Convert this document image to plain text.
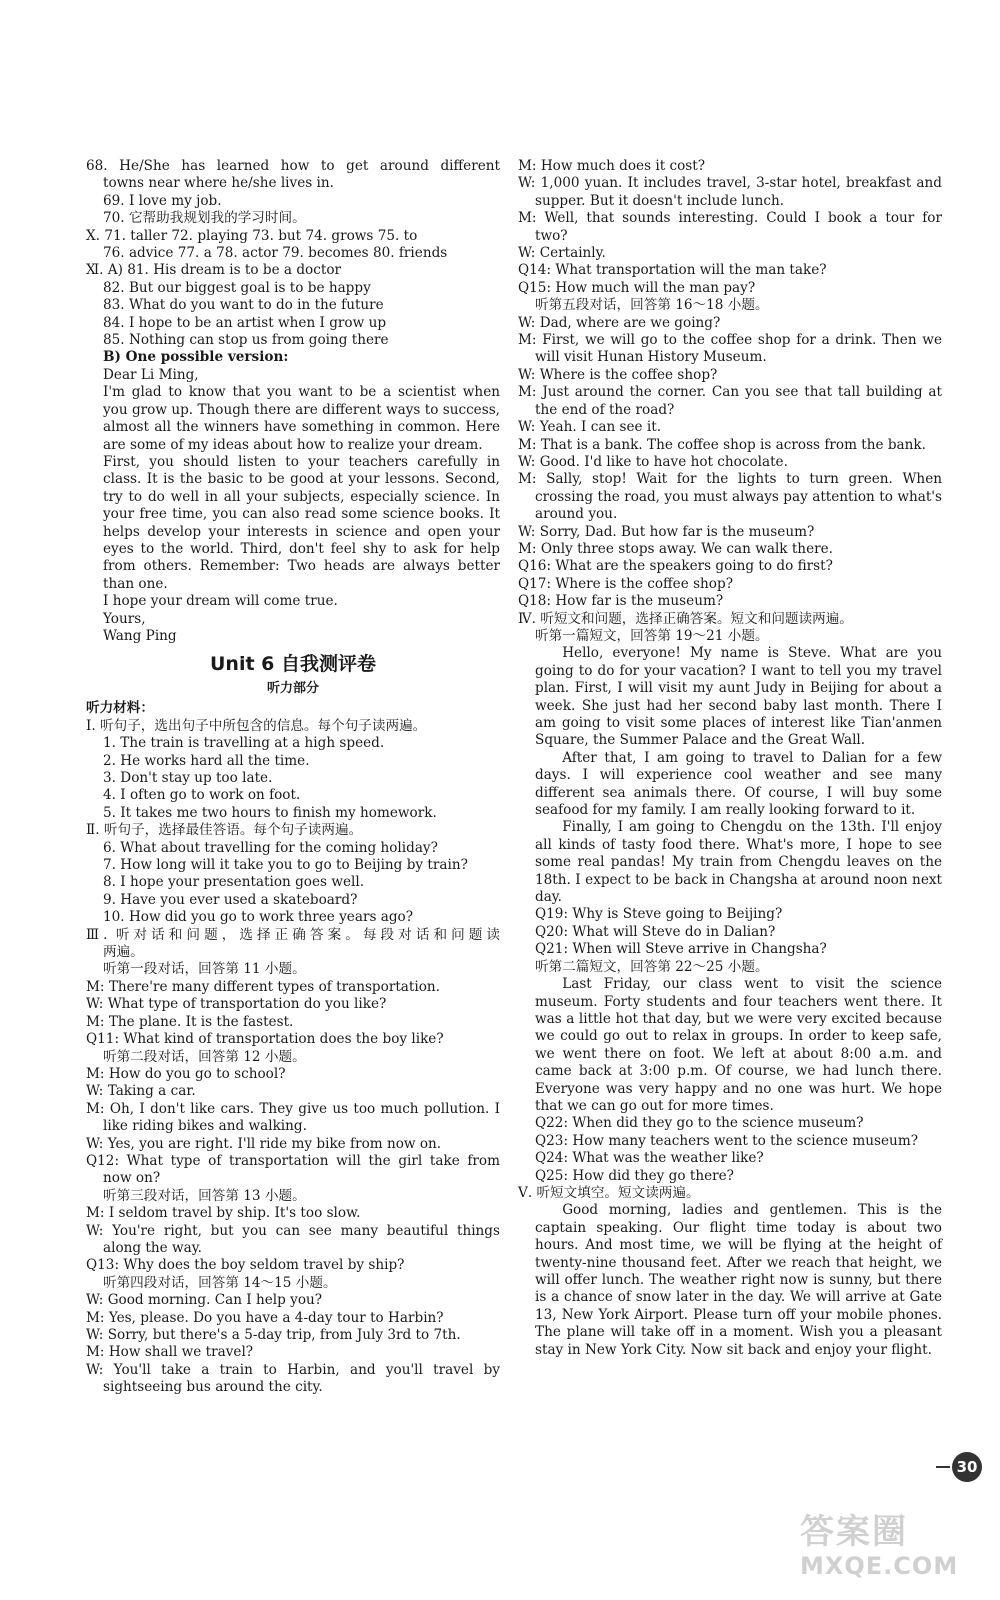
68. He/She has learned how to get around different
towns near where he/she lives in.
69. I love my job.
70. 它帮助我规划我的学习时间。
Ⅹ. 71. taller 72. playing 73. but 74. grows 75. to
76. advice 77. a 78. actor 79. becomes 80. friends
Ⅺ. A) 81. His dream is to be a doctor
82. But our biggest goal is to be happy
83. What do you want to do in the future
84. I hope to be an artist when I grow up
85. Nothing can stop us from going there
B) One possible version:
Dear Li Ming,
I'm glad to know that you want to be a scientist when you grow up. Though there are different ways to success, almost all the winners have something in common. Here are some of my ideas about how to realize your dream.
First, you should listen to your teachers carefully in class. It is the basic to be good at your lessons. Second, try to do well in all your subjects, especially science. In your free time, you can also read some science books. It helps develop your interests in science and open your eyes to the world. Third, don't feel shy to ask for help from others. Remember: Two heads are always better than one.
I hope your dream will come true.
Yours,
Wang Ping
Unit 6 自我测评卷
听力部分
听力材料：
Ⅰ. 听句子，选出句子中所包含的信息。每个句子读两遍。
1. The train is travelling at a high speed.
2. He works hard all the time.
3. Don't stay up too late.
4. I often go to work on foot.
5. It takes me two hours to finish my homework.
Ⅱ. 听句子，选择最佳答语。每个句子读两遍。
6. What about travelling for the coming holiday?
7. How long will it take you to go to Beijing by train?
8. I hope your presentation goes well.
9. Have you ever used a skateboard?
10. How did you go to work three years ago?
Ⅲ. 听对话和问题，选择正确答案。每段对话和问题读
两遍。
听第一段对话，回答第 11 小题。
M: There're many different types of transportation.
W: What type of transportation do you like?
M: The plane. It is the fastest.
Q11: What kind of transportation does the boy like?
听第二段对话，回答第 12 小题。
M: How do you go to school?
W: Taking a car.
M: Oh, I don't like cars. They give us too much pollution. I like riding bikes and walking.
W: Yes, you are right. I'll ride my bike from now on.
Q12: What type of transportation will the girl take from now on?
听第三段对话，回答第 13 小题。
M: I seldom travel by ship. It's too slow.
W: You're right, but you can see many beautiful things along the way.
Q13: Why does the boy seldom travel by ship?
听第四段对话，回答第 14～15 小题。
W: Good morning. Can I help you?
M: Yes, please. Do you have a 4-day tour to Harbin?
W: Sorry, but there's a 5-day trip, from July 3rd to 7th.
M: How shall we travel?
W: You'll take a train to Harbin, and you'll travel by sightseeing bus around the city.
M: How much does it cost?
W: 1,000 yuan. It includes travel, 3-star hotel, breakfast and supper. But it doesn't include lunch.
M: Well, that sounds interesting. Could I book a tour for two?
W: Certainly.
Q14: What transportation will the man take?
Q15: How much will the man pay?
听第五段对话，回答第 16～18 小题。
W: Dad, where are we going?
M: First, we will go to the coffee shop for a drink. Then we will visit Hunan History Museum.
W: Where is the coffee shop?
M: Just around the corner. Can you see that tall building at the end of the road?
W: Yeah. I can see it.
M: That is a bank. The coffee shop is across from the bank.
W: Good. I'd like to have hot chocolate.
M: Sally, stop! Wait for the lights to turn green. When crossing the road, you must always pay attention to what's around you.
W: Sorry, Dad. But how far is the museum?
M: Only three stops away. We can walk there.
Q16: What are the speakers going to do first?
Q17: Where is the coffee shop?
Q18: How far is the museum?
Ⅳ. 听短文和问题，选择正确答案。短文和问题读两遍。
听第一篇短文，回答第 19～21 小题。
Hello, everyone! My name is Steve. What are you going to do for your vacation? I want to tell you my travel plan. First, I will visit my aunt Judy in Beijing for about a week. She just had her second baby last month. There I am going to visit some places of interest like Tian'anmen Square, the Summer Palace and the Great Wall.
After that, I am going to travel to Dalian for a few days. I will experience cool weather and see many different sea animals there. Of course, I will buy some seafood for my family. I am really looking forward to it.
Finally, I am going to Chengdu on the 13th. I'll enjoy all kinds of tasty food there. What's more, I hope to see some real pandas! My train from Chengdu leaves on the 18th. I expect to be back in Changsha at around noon next day.
Q19: Why is Steve going to Beijing?
Q20: What will Steve do in Dalian?
Q21: When will Steve arrive in Changsha?
听第二篇短文，回答第 22～25 小题。
Last Friday, our class went to visit the science museum. Forty students and four teachers went there. It was a little hot that day, but we were very excited because we could go out to relax in groups. In order to keep safe, we went there on foot. We left at about 8:00 a.m. and came back at 3:00 p.m. Of course, we had lunch there. Everyone was very happy and no one was hurt. We hope that we can go out for more times.
Q22: When did they go to the science museum?
Q23: How many teachers went to the science museum?
Q24: What was the weather like?
Q25: How did they go there?
Ⅴ. 听短文填空。短文读两遍。
Good morning, ladies and gentlemen. This is the captain speaking. Our flight time today is about two hours. And most time, we will be flying at the height of twenty-nine thousand feet. After we reach that height, we will offer lunch. The weather right now is sunny, but there is a chance of snow later in the day. We will arrive at Gate 13, New York Airport. Please turn off your mobile phones. The plane will take off in a moment. Wish you a pleasant stay in New York City. Now sit back and enjoy your flight.
30
答案圈
MXQE.COM
